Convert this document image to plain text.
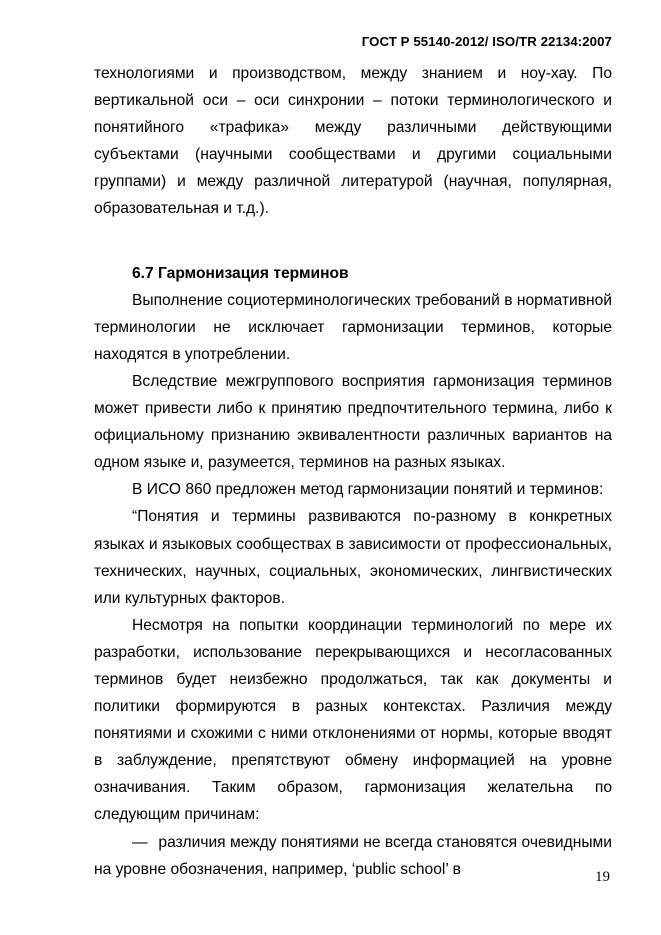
ГОСТ Р 55140-2012/ ISO/TR 22134:2007

технологиями и производством, между знанием и ноу-хау. По вертикальной оси – оси синхронии – потоки терминологического и понятийного «трафика» между различными действующими субъектами (научными сообществами и другими социальными группами) и между различной литературой (научная, популярная, образовательная и т.д.).

6.7 Гармонизация терминов

Выполнение социотерминологических требований в нормативной терминологии не исключает гармонизации терминов, которые находятся в употреблении.

Вследствие межгруппового восприятия гармонизация терминов может привести либо к принятию предпочтительного термина, либо к официальному признанию эквивалентности различных вариантов на одном языке и, разумеется, терминов на разных языках.

В ИСО 860 предложен метод гармонизации понятий и терминов:

“Понятия и термины развиваются по-разному в конкретных языках и языковых сообществах в зависимости от профессиональных, технических, научных, социальных, экономических, лингвистических или культурных факторов.

Несмотря на попытки координации терминологий по мере их разработки, использование перекрывающихся и несогласованных терминов будет неизбежно продолжаться, так как документы и политики формируются в разных контекстах. Различия между понятиями и схожими с ними отклонениями от нормы, которые вводят в заблуждение, препятствуют обмену информацией на уровне означивания. Таким образом, гармонизация желательна по следующим причинам:

— различия между понятиями не всегда становятся очевидными на уровне обозначения, например, ‘public school’ в	19
